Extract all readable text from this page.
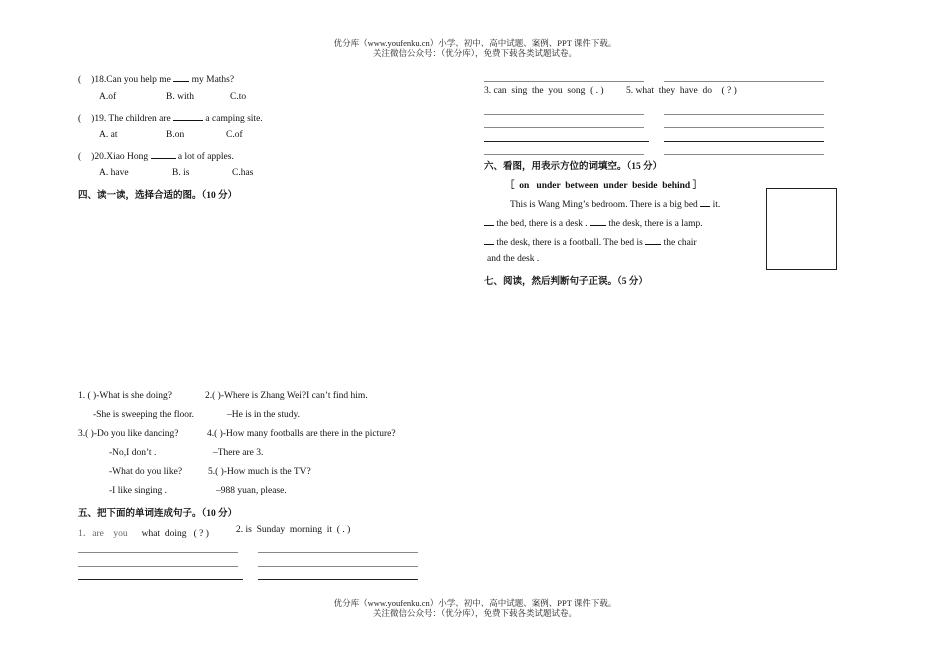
优分库（www.youfenku.cn）小学、初中、高中试题、案例、PPT 课件下载。
关注微信公众号：（优分库），免费下载各类试题试卷。
( )18.Can you help me my Maths?
A.of	B. with	C.to
( )19. The children are	a camping site.
A. at	B.on	C.of
( )20.Xiao Hong	a lot of apples.
A. have	B. is	C.has
四、读一读，选择合适的图。（10 分）
1. ( )-What is she doing?	2.( )-Where is Zhang Wei?I can’t find him.
-She is sweeping the floor.	–He is in the study.
3.( )-Do you like dancing?	4.( )-How many footballs are there in the picture?
-No,I don’t .	–There are 3.
-What do you like?	5.( )-How much is the TV?
-I like singing .	–988 yuan, please.
五、把下面的单词连成句子。（10 分）
1．are    you what  doing   ( ? )	2. is  Sunday  morning  it  ( . )
3. can  sing  the  you  song  ( . ) 5. what  they  have  do    ( ? )
六、看图，用表示方位的词填空。（15 分）
［  on   under  between  under  beside  behind ］
This is Wang Ming’s bedroom. There is a big bed it.
the bed, there is a desk . the desk, there is a lamp.
the desk, there is a football. The bed is the chair
and the desk .
七、阅读，然后判断句子正误。（5 分）
优分库（www.youfenku.cn）小学、初中、高中试题、案例、PPT 课件下载。
关注微信公众号：（优分库），免费下载各类试题试卷。
